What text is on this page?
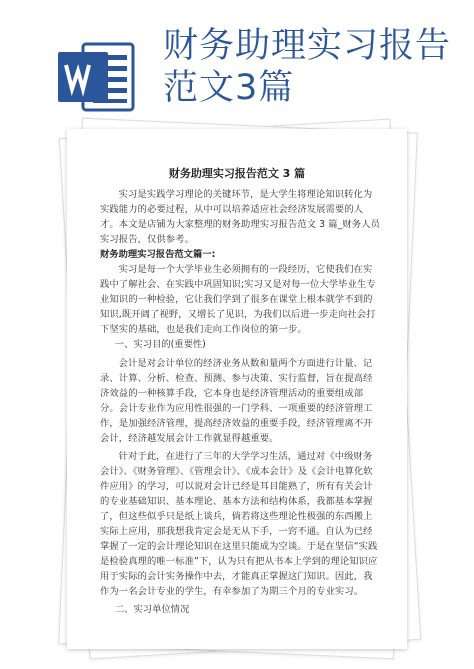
财务助理实习报告
范文3篇
财务助理实习报告范文 3 篇

实习是实践学习理论的关键环节，是大学生将理论知识转化为实践能力的必要过程，从中可以培养适应社会经济发展需要的人才。本文是店铺为大家整理的财务助理实习报告范文 3 篇_财务人员实习报告，仅供参考。

财务助理实习报告范文篇一:

实习是每一个大学毕业生必须拥有的一段经历，它使我们在实践中了解社会、在实践中巩固知识;实习又是对每一位大学毕业生专业知识的一种检验，它让我们学到了很多在课堂上根本就学不到的知识,既开阔了视野，又增长了见识，为我们以后进一步走向社会打下坚实的基础，也是我们走向工作岗位的第一步。

一、实习目的(重要性)

会计是对会计单位的经济业务从数和量两个方面进行计量、记录、计算、分析、检查、预测、参与决策、实行监督，旨在提高经济效益的一种核算手段，它本身也是经济管理活动的重要组成部分。会计专业作为应用性很强的一门学科、一项重要的经济管理工作，是加强经济管理，提高经济效益的重要手段，经济管理离不开会计，经济越发展会计工作就显得越重要。

针对于此，在进行了三年的大学学习生活，通过对《中级财务会计》、《财务管理》、《管理会计》、《成本会计》及《会计电算化软件应用》的学习，可以说对会计已经是耳目能熟了，所有有关会计的专业基础知识、基本理论、基本方法和结构体系，我都基本掌握了，但这些似乎只是纸上谈兵，倘若将这些理论性极强的东西搬上实际上应用，那我想我肯定会是无从下手，一窍不通。自认为已经掌握了一定的会计理论知识在这里只能成为空谈。于是在坚信“实践是检验真理的唯一标准”下，认为只有把从书本上学到的理论知识应用于实际的会计实务操作中去，才能真正掌握这门知识。因此，我作为一名会计专业的学生，有幸参加了为期三个月的专业实习。

二、实习单位情况
